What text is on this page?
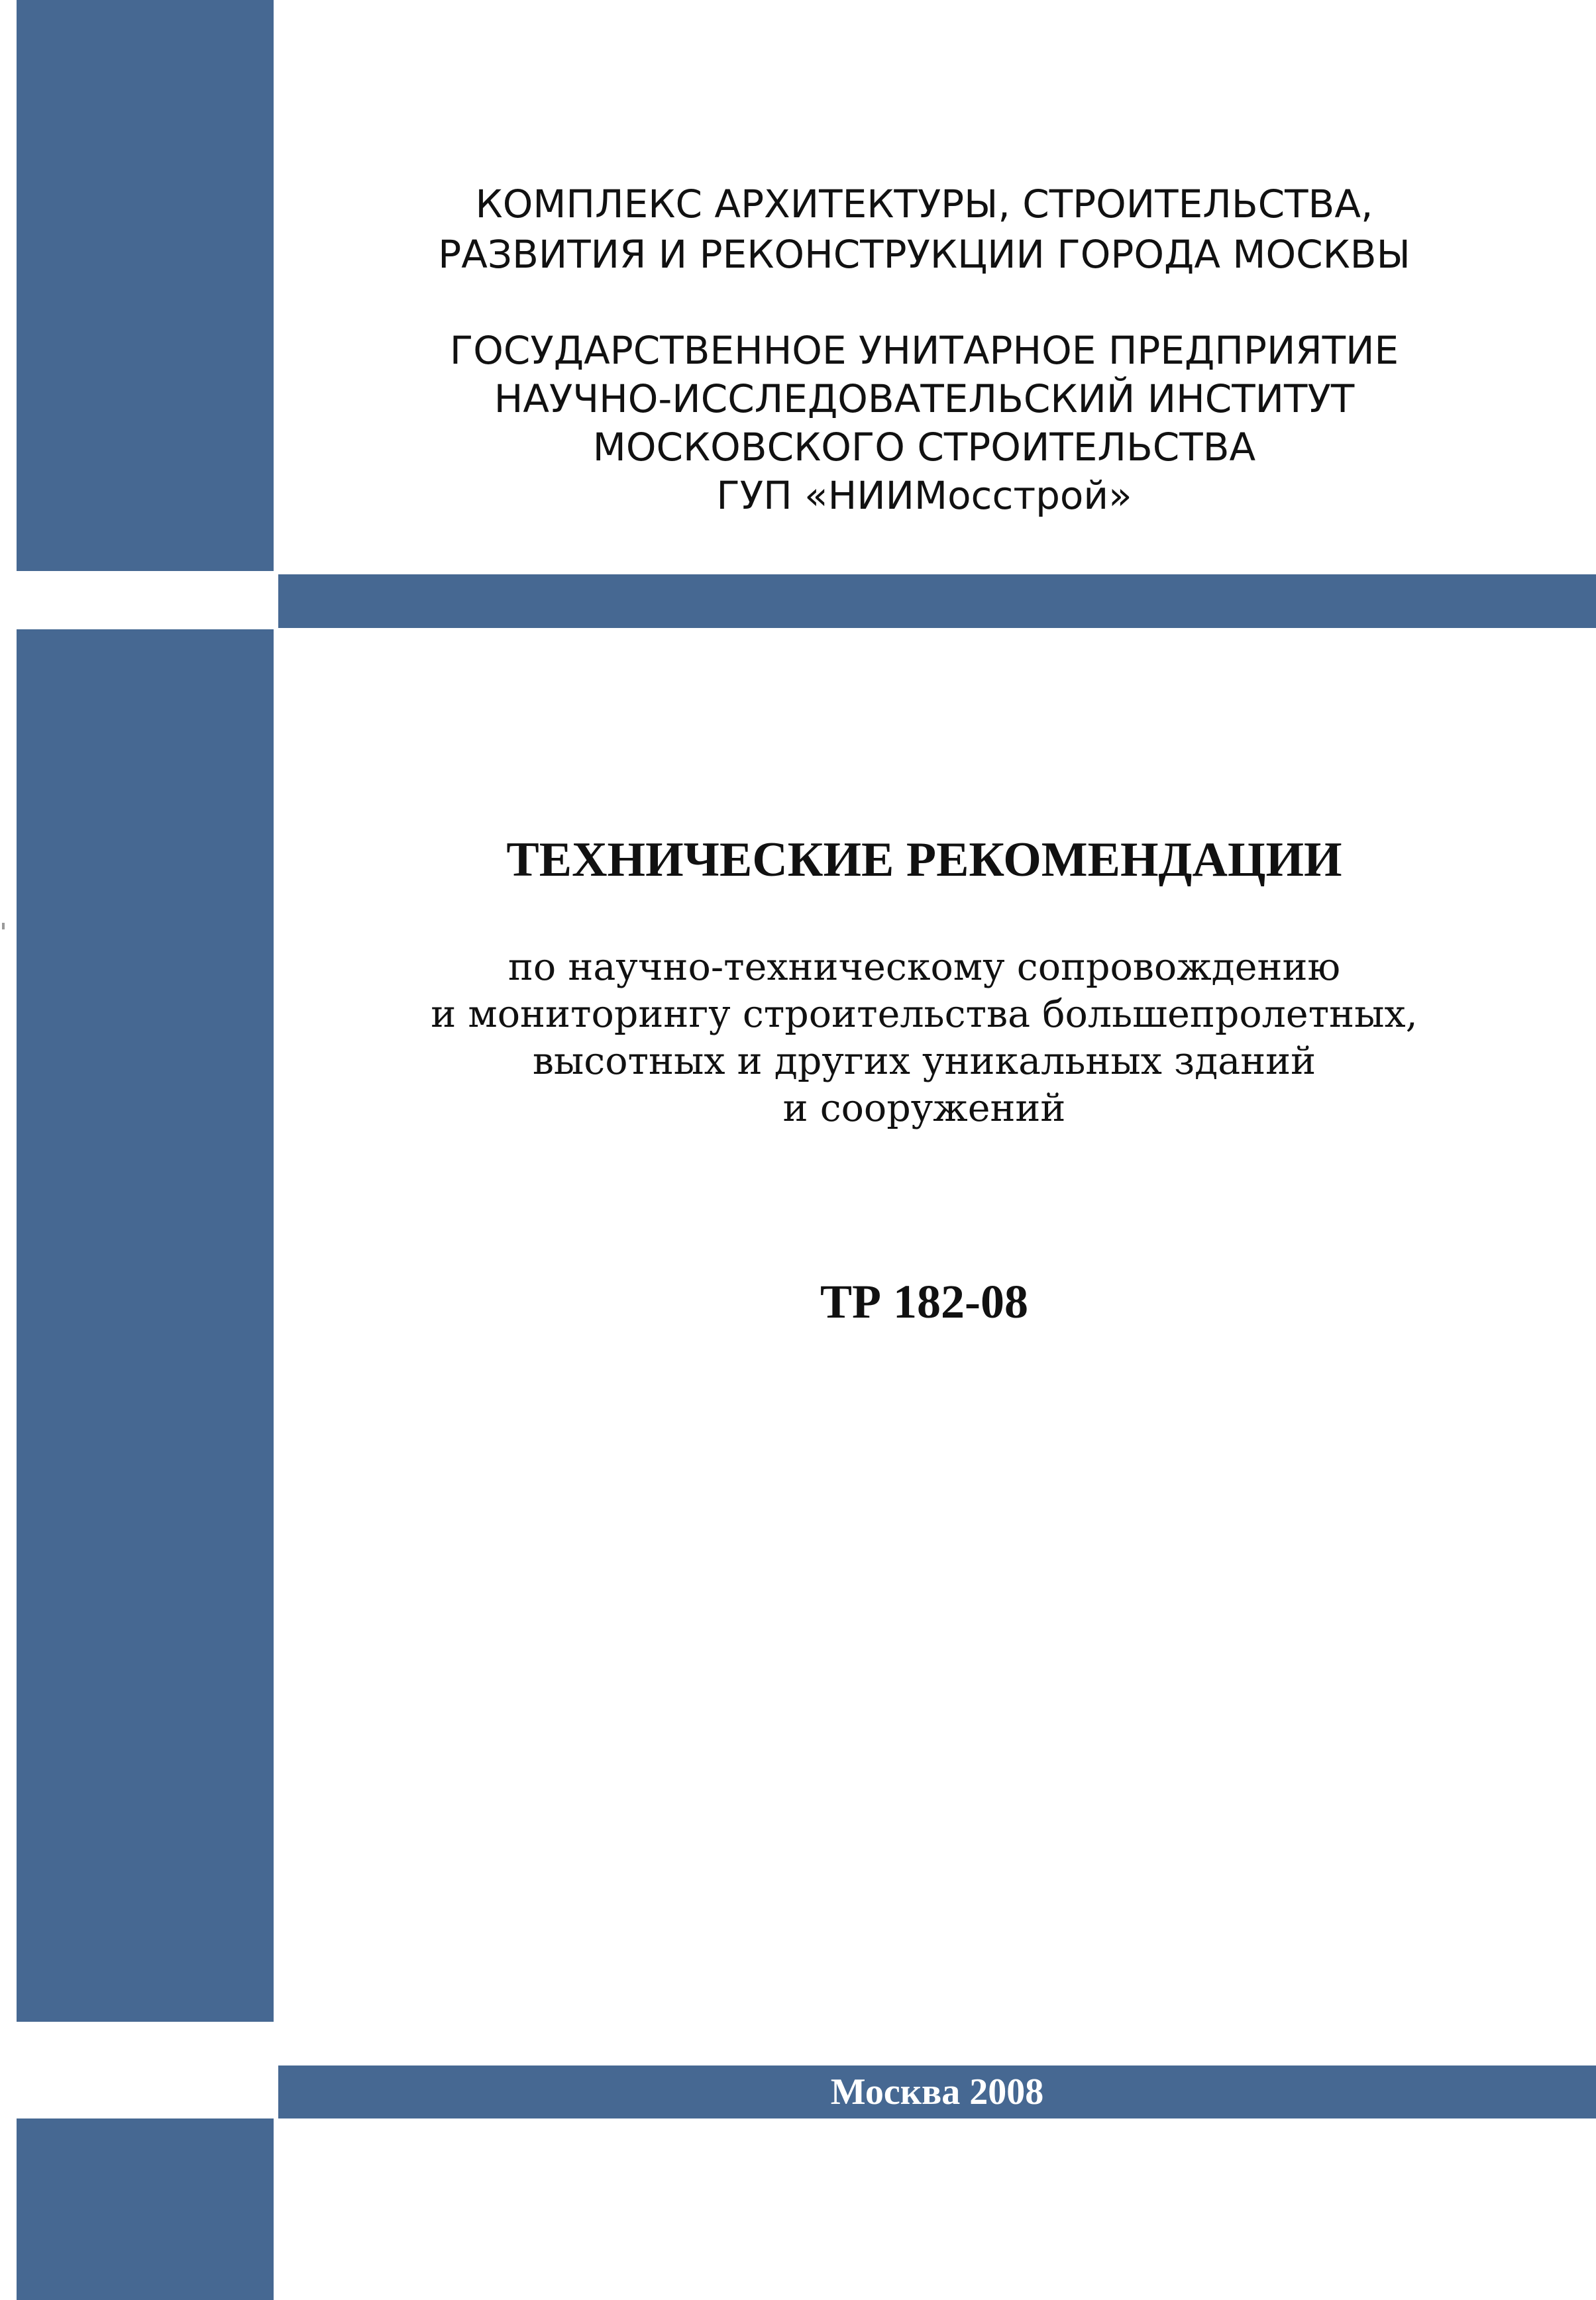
КОМПЛЕКС АРХИТЕКТУРЫ, СТРОИТЕЛЬСТВА,
РАЗВИТИЯ И РЕКОНСТРУКЦИИ ГОРОДА МОСКВЫ
ГОСУДАРСТВЕННОЕ УНИТАРНОЕ ПРЕДПРИЯТИЕ
НАУЧНО-ИССЛЕДОВАТЕЛЬСКИЙ ИНСТИТУТ
МОСКОВСКОГО СТРОИТЕЛЬСТВА
ГУП «НИИМосстрой»
ТЕХНИЧЕСКИЕ РЕКОМЕНДАЦИИ
по научно-техническому сопровождению
и мониторингу строительства большепролетных,
высотных и других уникальных зданий
и сооружений
ТР 182-08
Москва 2008
